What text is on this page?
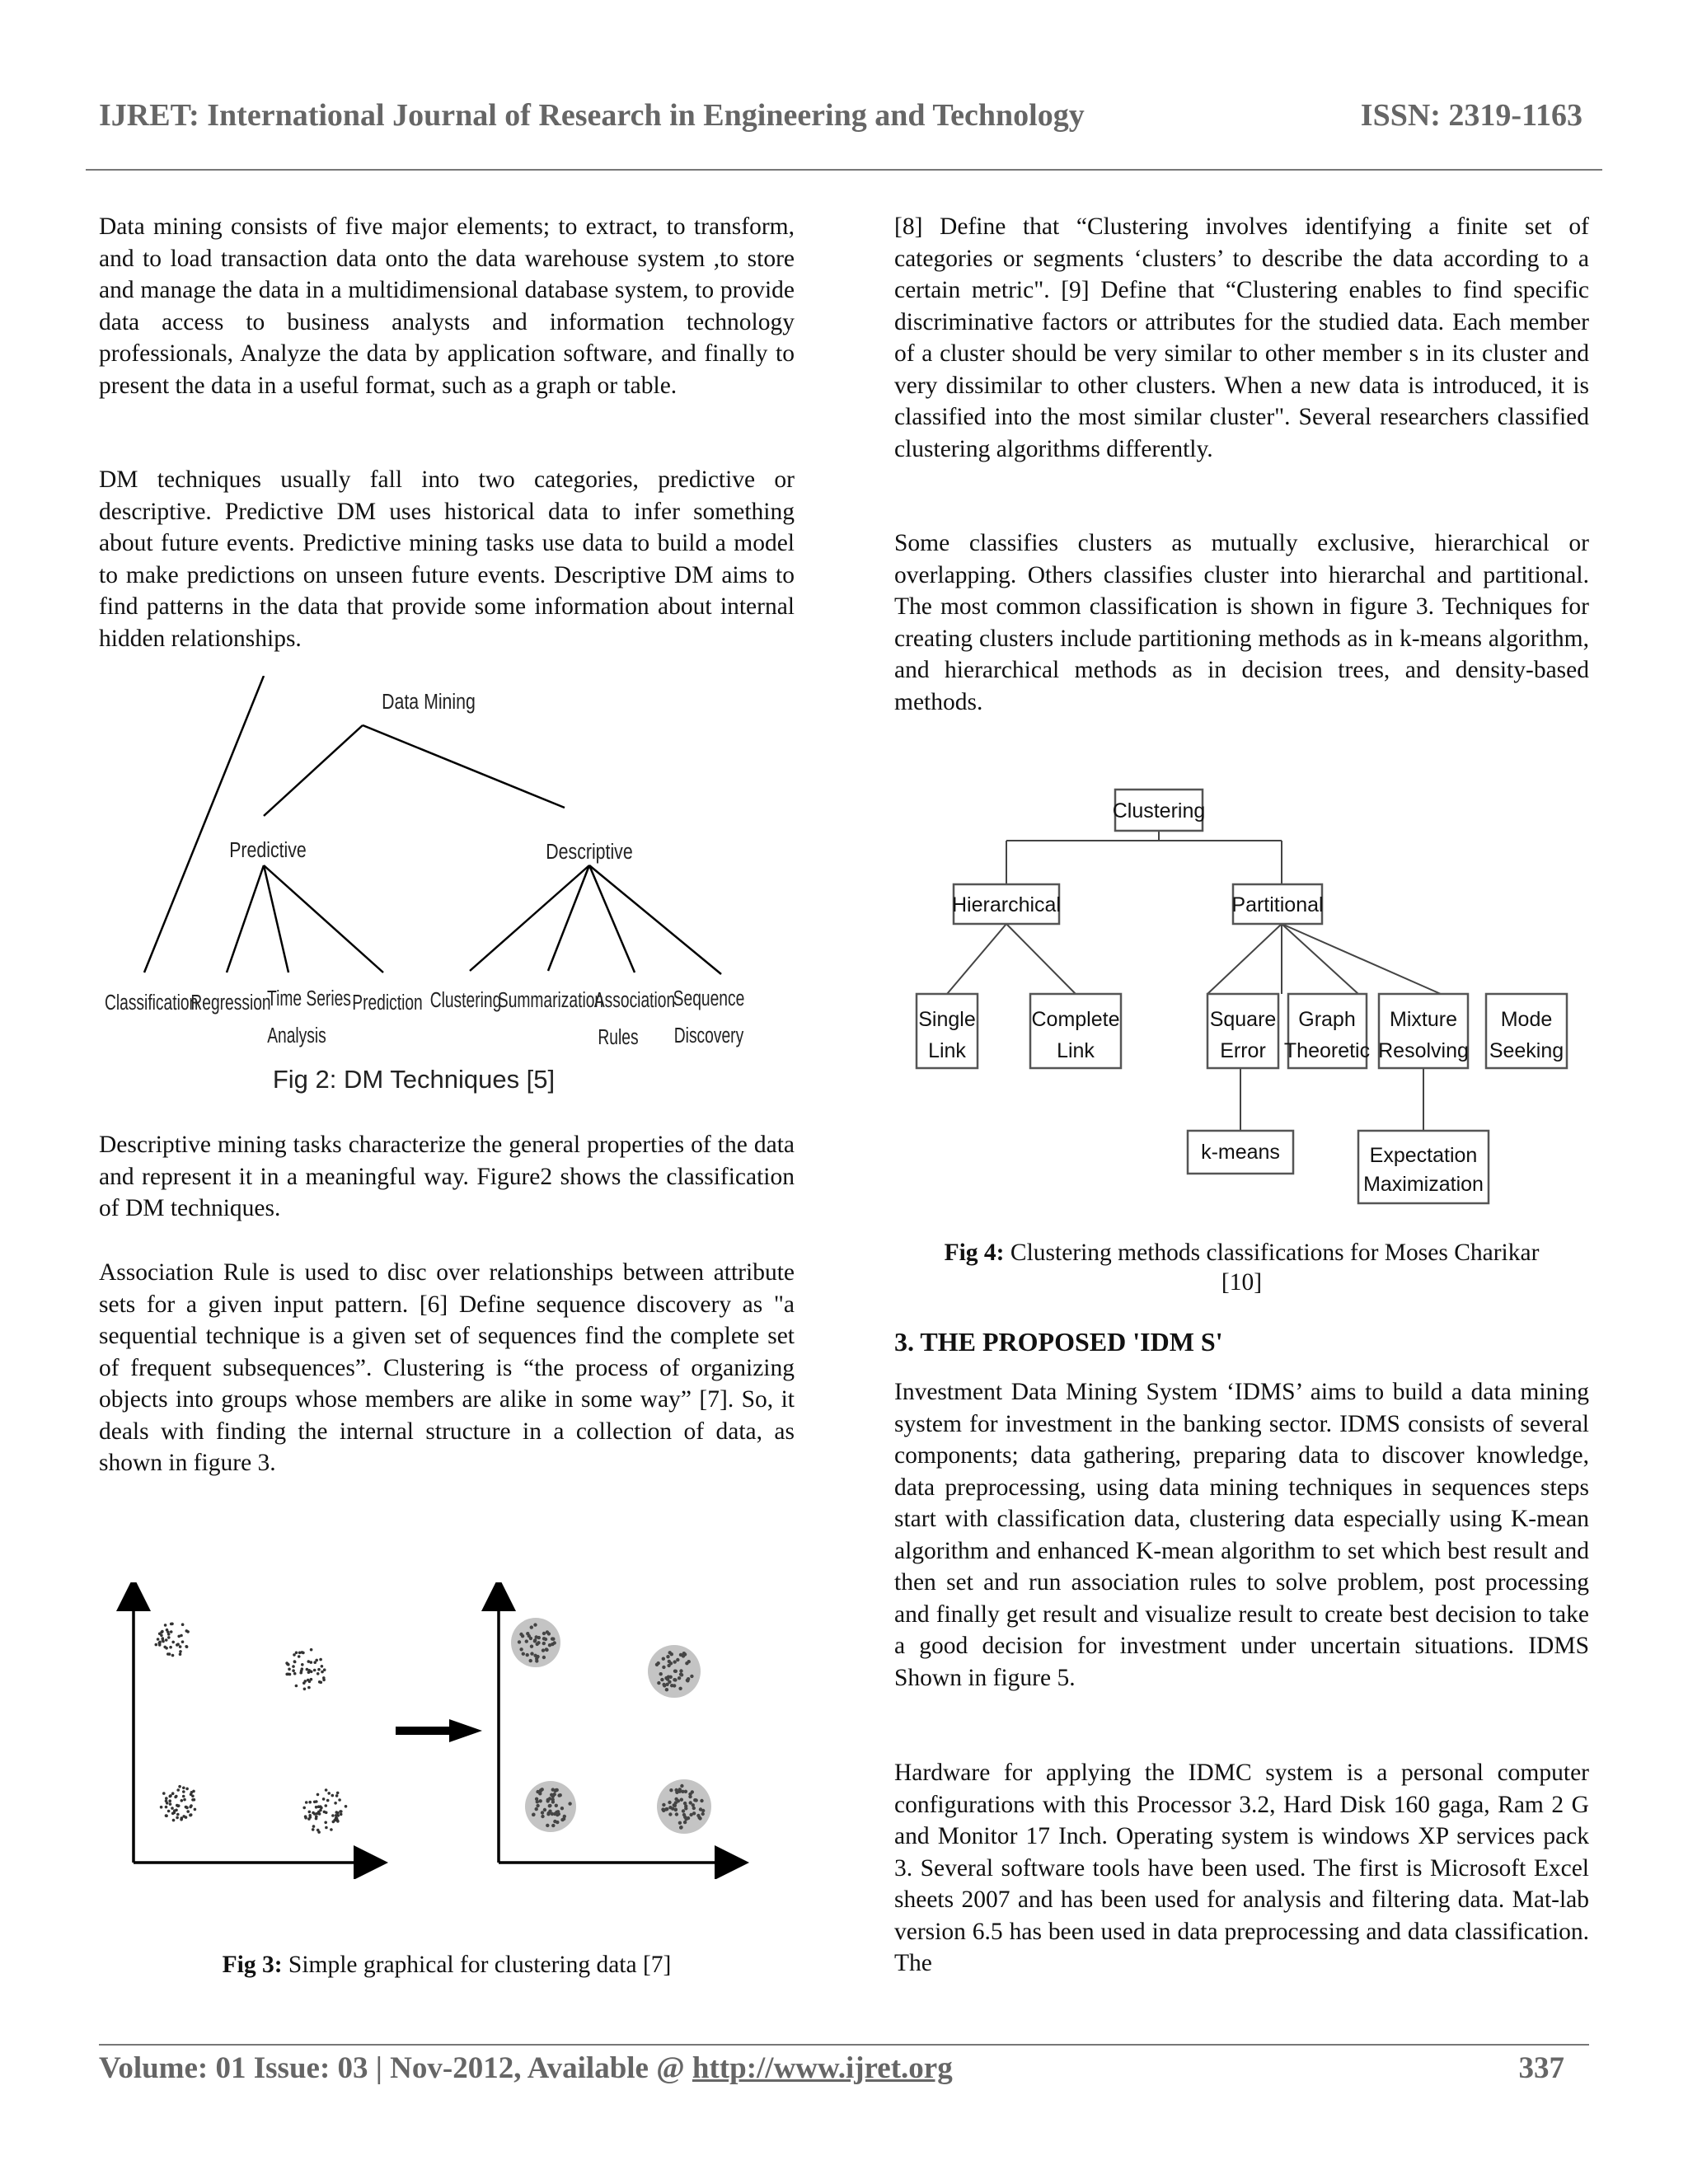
IJRET: International Journal of Research in Engineering and Technology	ISSN: 2319-1163

Data mining consists of five major elements; to extract, to transform, and to load transaction data onto the data warehouse system ,to store and manage the data in a multidimensional database system, to provide data access to business analysts and information technology professionals, Analyze the data by application software, and finally to present the data in a useful format, such as a graph or table.

DM techniques usually fall into two categories, predictive or descriptive. Predictive DM uses historical data to infer something about future events. Predictive mining tasks use data to build a model to make predictions on unseen future events. Descriptive DM aims to find patterns in the data that provide some information about internal hidden relationships.

Data Mining
Predictive	Descriptive
Classification
Regression
Time Series
Analysis
Prediction Clustering
Summarization
Association
Rules
Sequence
Discovery
Fig 2: DM Techniques [5]

Descriptive mining tasks characterize the general properties of the data and represent it in a meaningful way. Figure2 shows the classification of DM techniques.

Association Rule is used to disc over relationships between attribute sets for a given input pattern. [6] Define sequence discovery as "a sequential technique is a given set of sequences find the complete set of frequent subsequences”. Clustering is “the process of organizing objects into groups whose members are alike in some way” [7]. So, it deals with finding the internal structure in a collection of data, as shown in figure 3.

Fig 3: Simple graphical for clustering data [7]

[8] Define that “Clustering involves identifying a finite set of categories or segments ‘clusters’ to describe the data according to a certain metric". [9] Define that “Clustering enables to find specific discriminative factors or attributes for the studied data. Each member of a cluster should be very similar to other member s in its cluster and very dissimilar to other clusters. When a new data is introduced, it is classified into the most similar cluster". Several researchers classified clustering algorithms differently.

Some classifies clusters as mutually exclusive, hierarchical or overlapping. Others classifies cluster into hierarchal and partitional. The most common classification is shown in figure 3. Techniques for creating clusters include partitioning methods as in k-means algorithm, and hierarchical methods as in decision trees, and density-based methods.

Clustering
Hierarchical	Partitional
Single
Link
Complete
Link
Square
Error
Graph
Theoretic
Mixture
Resolving
Mode
Seeking
k-means	Expectation
Maximization
Fig 4: Clustering methods classifications for Moses Charikar
[10]
3. THE PROPOSED 'IDM S'

Investment Data Mining System ‘IDMS’ aims to build a data mining system for investment in the banking sector. IDMS consists of several components; data gathering, preparing data to discover knowledge, data preprocessing, using data mining techniques in sequences steps start with classification data, clustering data especially using K-mean algorithm and enhanced K-mean algorithm to set which best result and then set and run association rules to solve problem, post processing and finally get result and visualize result to create best decision to take a good decision for investment under uncertain situations. IDMS Shown in figure 5.

Hardware for applying the IDMC system is a personal computer configurations with this Processor 3.2, Hard Disk 160 gaga, Ram 2 G and Monitor 17 Inch. Operating system is windows XP services pack 3. Several software tools have been used. The first is Microsoft Excel sheets 2007 and has been used for analysis and filtering data. Mat-lab version 6.5 has been used in data preprocessing and data classification. The

Volume: 01 Issue: 03 | Nov-2012, Available @ http://www.ijret.org	337
